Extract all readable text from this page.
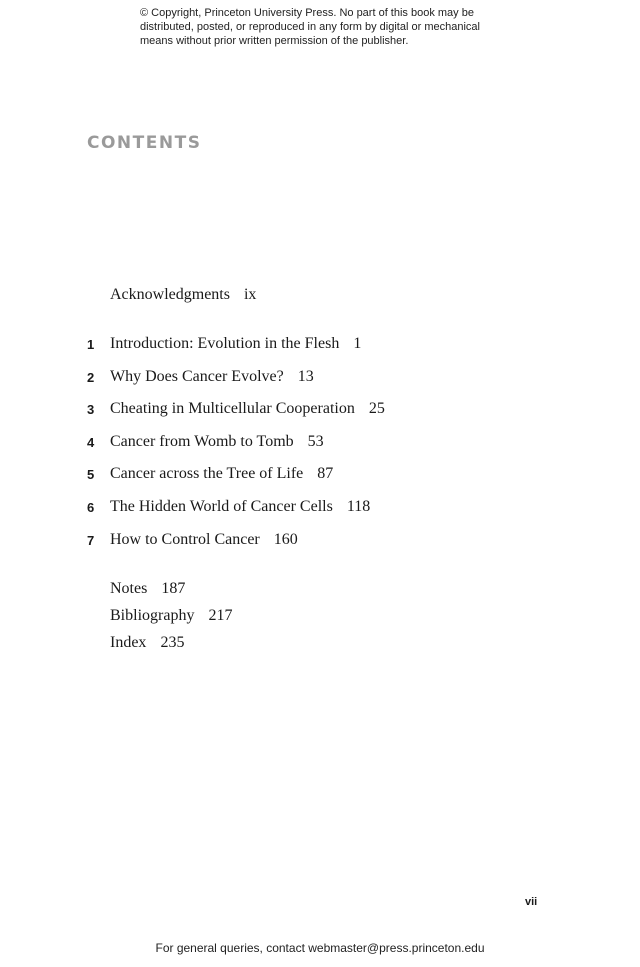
© Copyright, Princeton University Press. No part of this book may be
distributed, posted, or reproduced in any form by digital or mechanical
means without prior written permission of the publisher.
CONTENTS
Acknowledgments ix
1 Introduction: Evolution in the Flesh 1
2 Why Does Cancer Evolve? 13
3 Cheating in Multicellular Cooperation 25
4 Cancer from Womb to Tomb 53
5 Cancer across the Tree of Life 87
6 The Hidden World of Cancer Cells 118
7 How to Control Cancer 160
Notes 187
Bibliography 217
Index 235
vii
For general queries, contact webmaster@press.princeton.edu
